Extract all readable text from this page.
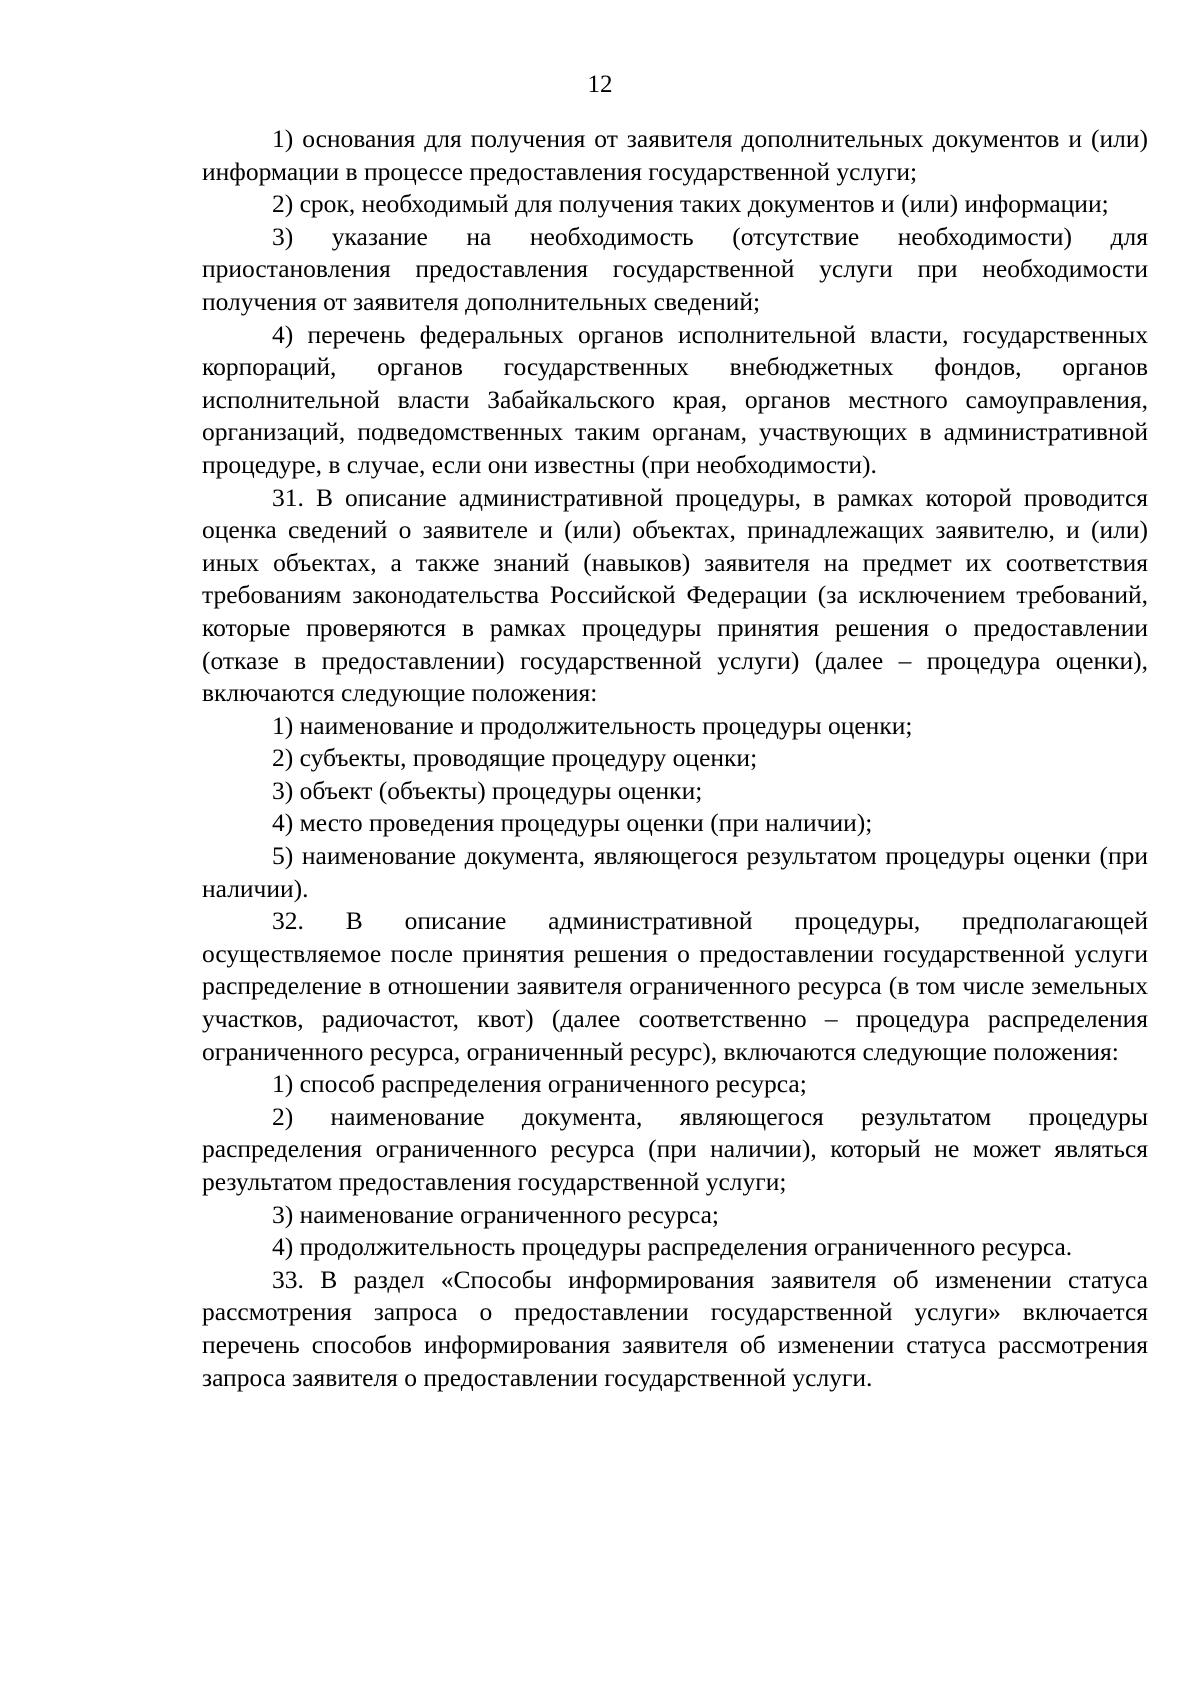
12

1) основания для получения от заявителя дополнительных документов и (или) информации в процессе предоставления государственной услуги;

2) срок, необходимый для получения таких документов и (или) информации;

3) указание на необходимость (отсутствие необходимости) для приостановления предоставления государственной услуги при необходимости получения от заявителя дополнительных сведений;

4) перечень федеральных органов исполнительной власти, государственных корпораций, органов государственных внебюджетных фондов, органов исполнительной власти Забайкальского края, органов местного самоуправления, организаций, подведомственных таким органам, участвующих в административной процедуре, в случае, если они известны (при необходимости).

31. В описание административной процедуры, в рамках которой проводится оценка сведений о заявителе и (или) объектах, принадлежащих заявителю, и (или) иных объектах, а также знаний (навыков) заявителя на предмет их соответствия требованиям законодательства Российской Федерации (за исключением требований, которые проверяются в рамках процедуры принятия решения о предоставлении (отказе в предоставлении) государственной услуги) (далее – процедура оценки), включаются следующие положения:

1) наименование и продолжительность процедуры оценки;

2) субъекты, проводящие процедуру оценки;

3) объект (объекты) процедуры оценки;

4) место проведения процедуры оценки (при наличии);

5) наименование документа, являющегося результатом процедуры оценки (при наличии).

32. В описание административной процедуры, предполагающей осуществляемое после принятия решения о предоставлении государственной услуги распределение в отношении заявителя ограниченного ресурса (в том числе земельных участков, радиочастот, квот) (далее соответственно – процедура распределения ограниченного ресурса, ограниченный ресурс), включаются следующие положения:

1) способ распределения ограниченного ресурса;

2) наименование документа, являющегося результатом процедуры распределения ограниченного ресурса (при наличии), который не может являться результатом предоставления государственной услуги;

3) наименование ограниченного ресурса;

4) продолжительность процедуры распределения ограниченного ресурса.

33. В раздел «Способы информирования заявителя об изменении статуса рассмотрения запроса о предоставлении государственной услуги» включается перечень способов информирования заявителя об изменении статуса рассмотрения запроса заявителя о предоставлении государственной услуги.
